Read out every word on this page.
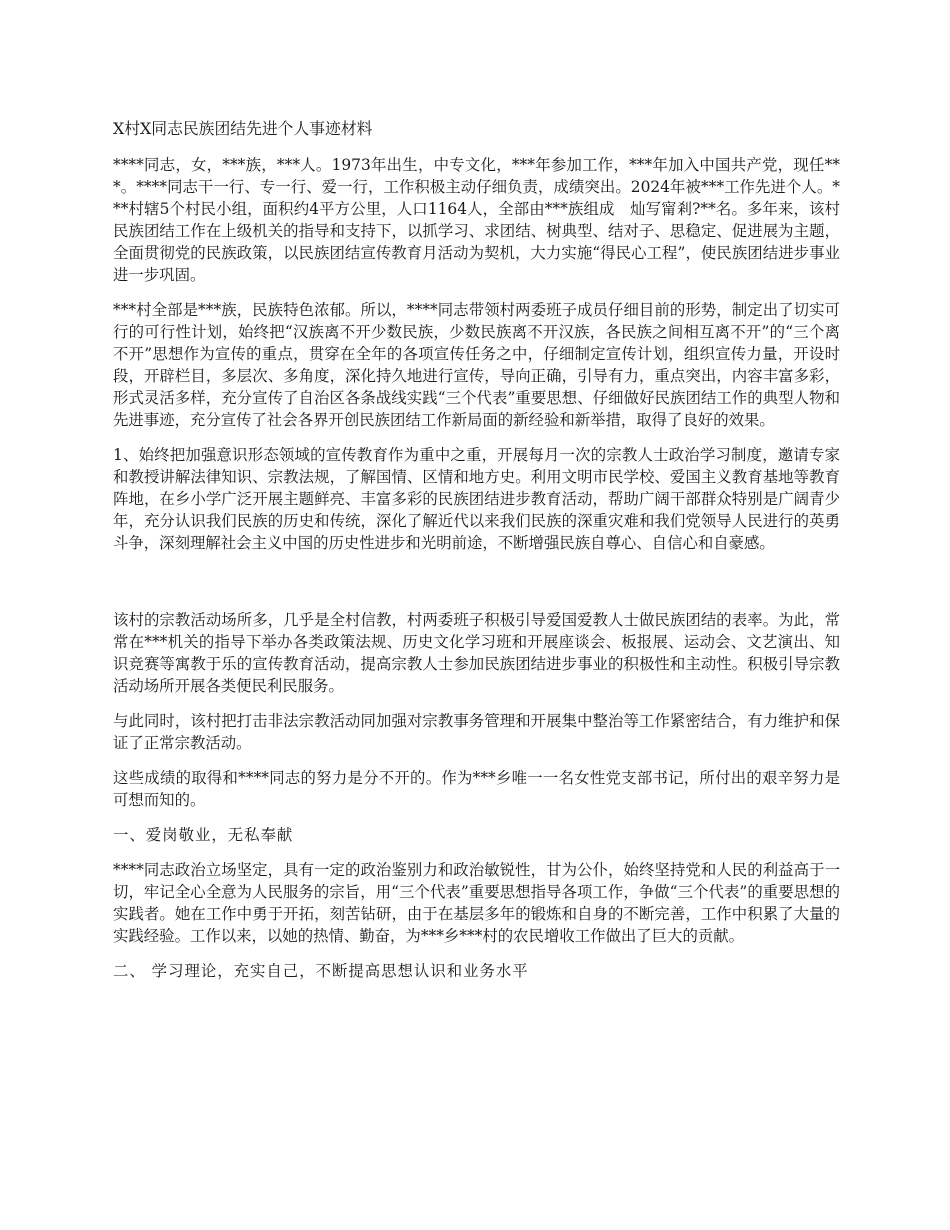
X村X同志民族团结先进个人事迹材料

****同志，女，***族，***人。1973年出生，中专文化，***年参加工作，***年加入中国共产党，现任***。****同志干一行、专一行、爱一行，工作积极主动仔细负责，成绩突出。2024年被***工作先进个人。***村辖5个村民小组，面积约4平方公里，人口1164人，全部由***族组成　灿写甯剎?**名。多年来，该村民族团结工作在上级机关的指导和支持下，以抓学习、求团结、树典型、结对子、思稳定、促进展为主题，全面贯彻党的民族政策，以民族团结宣传教育月活动为契机，大力实施“得民心工程”，使民族团结进步事业进一步巩固。

***村全部是***族，民族特色浓郁。所以，****同志带领村两委班子成员仔细目前的形势，制定出了切实可行的可行性计划，始终把“汉族离不开少数民族，少数民族离不开汉族，各民族之间相互离不开”的“三个离不开”思想作为宣传的重点，贯穿在全年的各项宣传任务之中，仔细制定宣传计划，组织宣传力量，开设时段，开辟栏目，多层次、多角度，深化持久地进行宣传，导向正确，引导有力，重点突出，内容丰富多彩，形式灵活多样，充分宣传了自治区各条战线实践“三个代表”重要思想、仔细做好民族团结工作的典型人物和先进事迹，充分宣传了社会各界开创民族团结工作新局面的新经验和新举措，取得了良好的效果。

1、始终把加强意识形态领域的宣传教育作为重中之重，开展每月一次的宗教人士政治学习制度，邀请专家和教授讲解法律知识、宗教法规，了解国情、区情和地方史。利用文明市民学校、爱国主义教育基地等教育阵地，在乡小学广泛开展主题鲜亮、丰富多彩的民族团结进步教育活动，帮助广阔干部群众特别是广阔青少年，充分认识我们民族的历史和传统，深化了解近代以来我们民族的深重灾难和我们党领导人民进行的英勇斗争，深刻理解社会主义中国的历史性进步和光明前途，不断增强民族自尊心、自信心和自豪感。

该村的宗教活动场所多，几乎是全村信教，村两委班子积极引导爱国爱教人士做民族团结的表率。为此，常常在***机关的指导下举办各类政策法规、历史文化学习班和开展座谈会、板报展、运动会、文艺演出、知识竞赛等寓教于乐的宣传教育活动，提高宗教人士参加民族团结进步事业的积极性和主动性。积极引导宗教活动场所开展各类便民利民服务。

与此同时，该村把打击非法宗教活动同加强对宗教事务管理和开展集中整治等工作紧密结合，有力维护和保证了正常宗教活动。

这些成绩的取得和****同志的努力是分不开的。作为***乡唯一一名女性党支部书记，所付出的艰辛努力是可想而知的。

一、爱岗敬业，无私奉献

****同志政治立场坚定，具有一定的政治鉴别力和政治敏锐性，甘为公仆，始终坚持党和人民的利益高于一切，牢记全心全意为人民服务的宗旨，用“三个代表”重要思想指导各项工作，争做“三个代表”的重要思想的实践者。她在工作中勇于开拓，刻苦钻研，由于在基层多年的锻炼和自身的不断完善，工作中积累了大量的实践经验。工作以来，以她的热情、勤奋，为***乡***村的农民增收工作做出了巨大的贡献。

二、 学习理论，充实自己，不断提高思想认识和业务水平
